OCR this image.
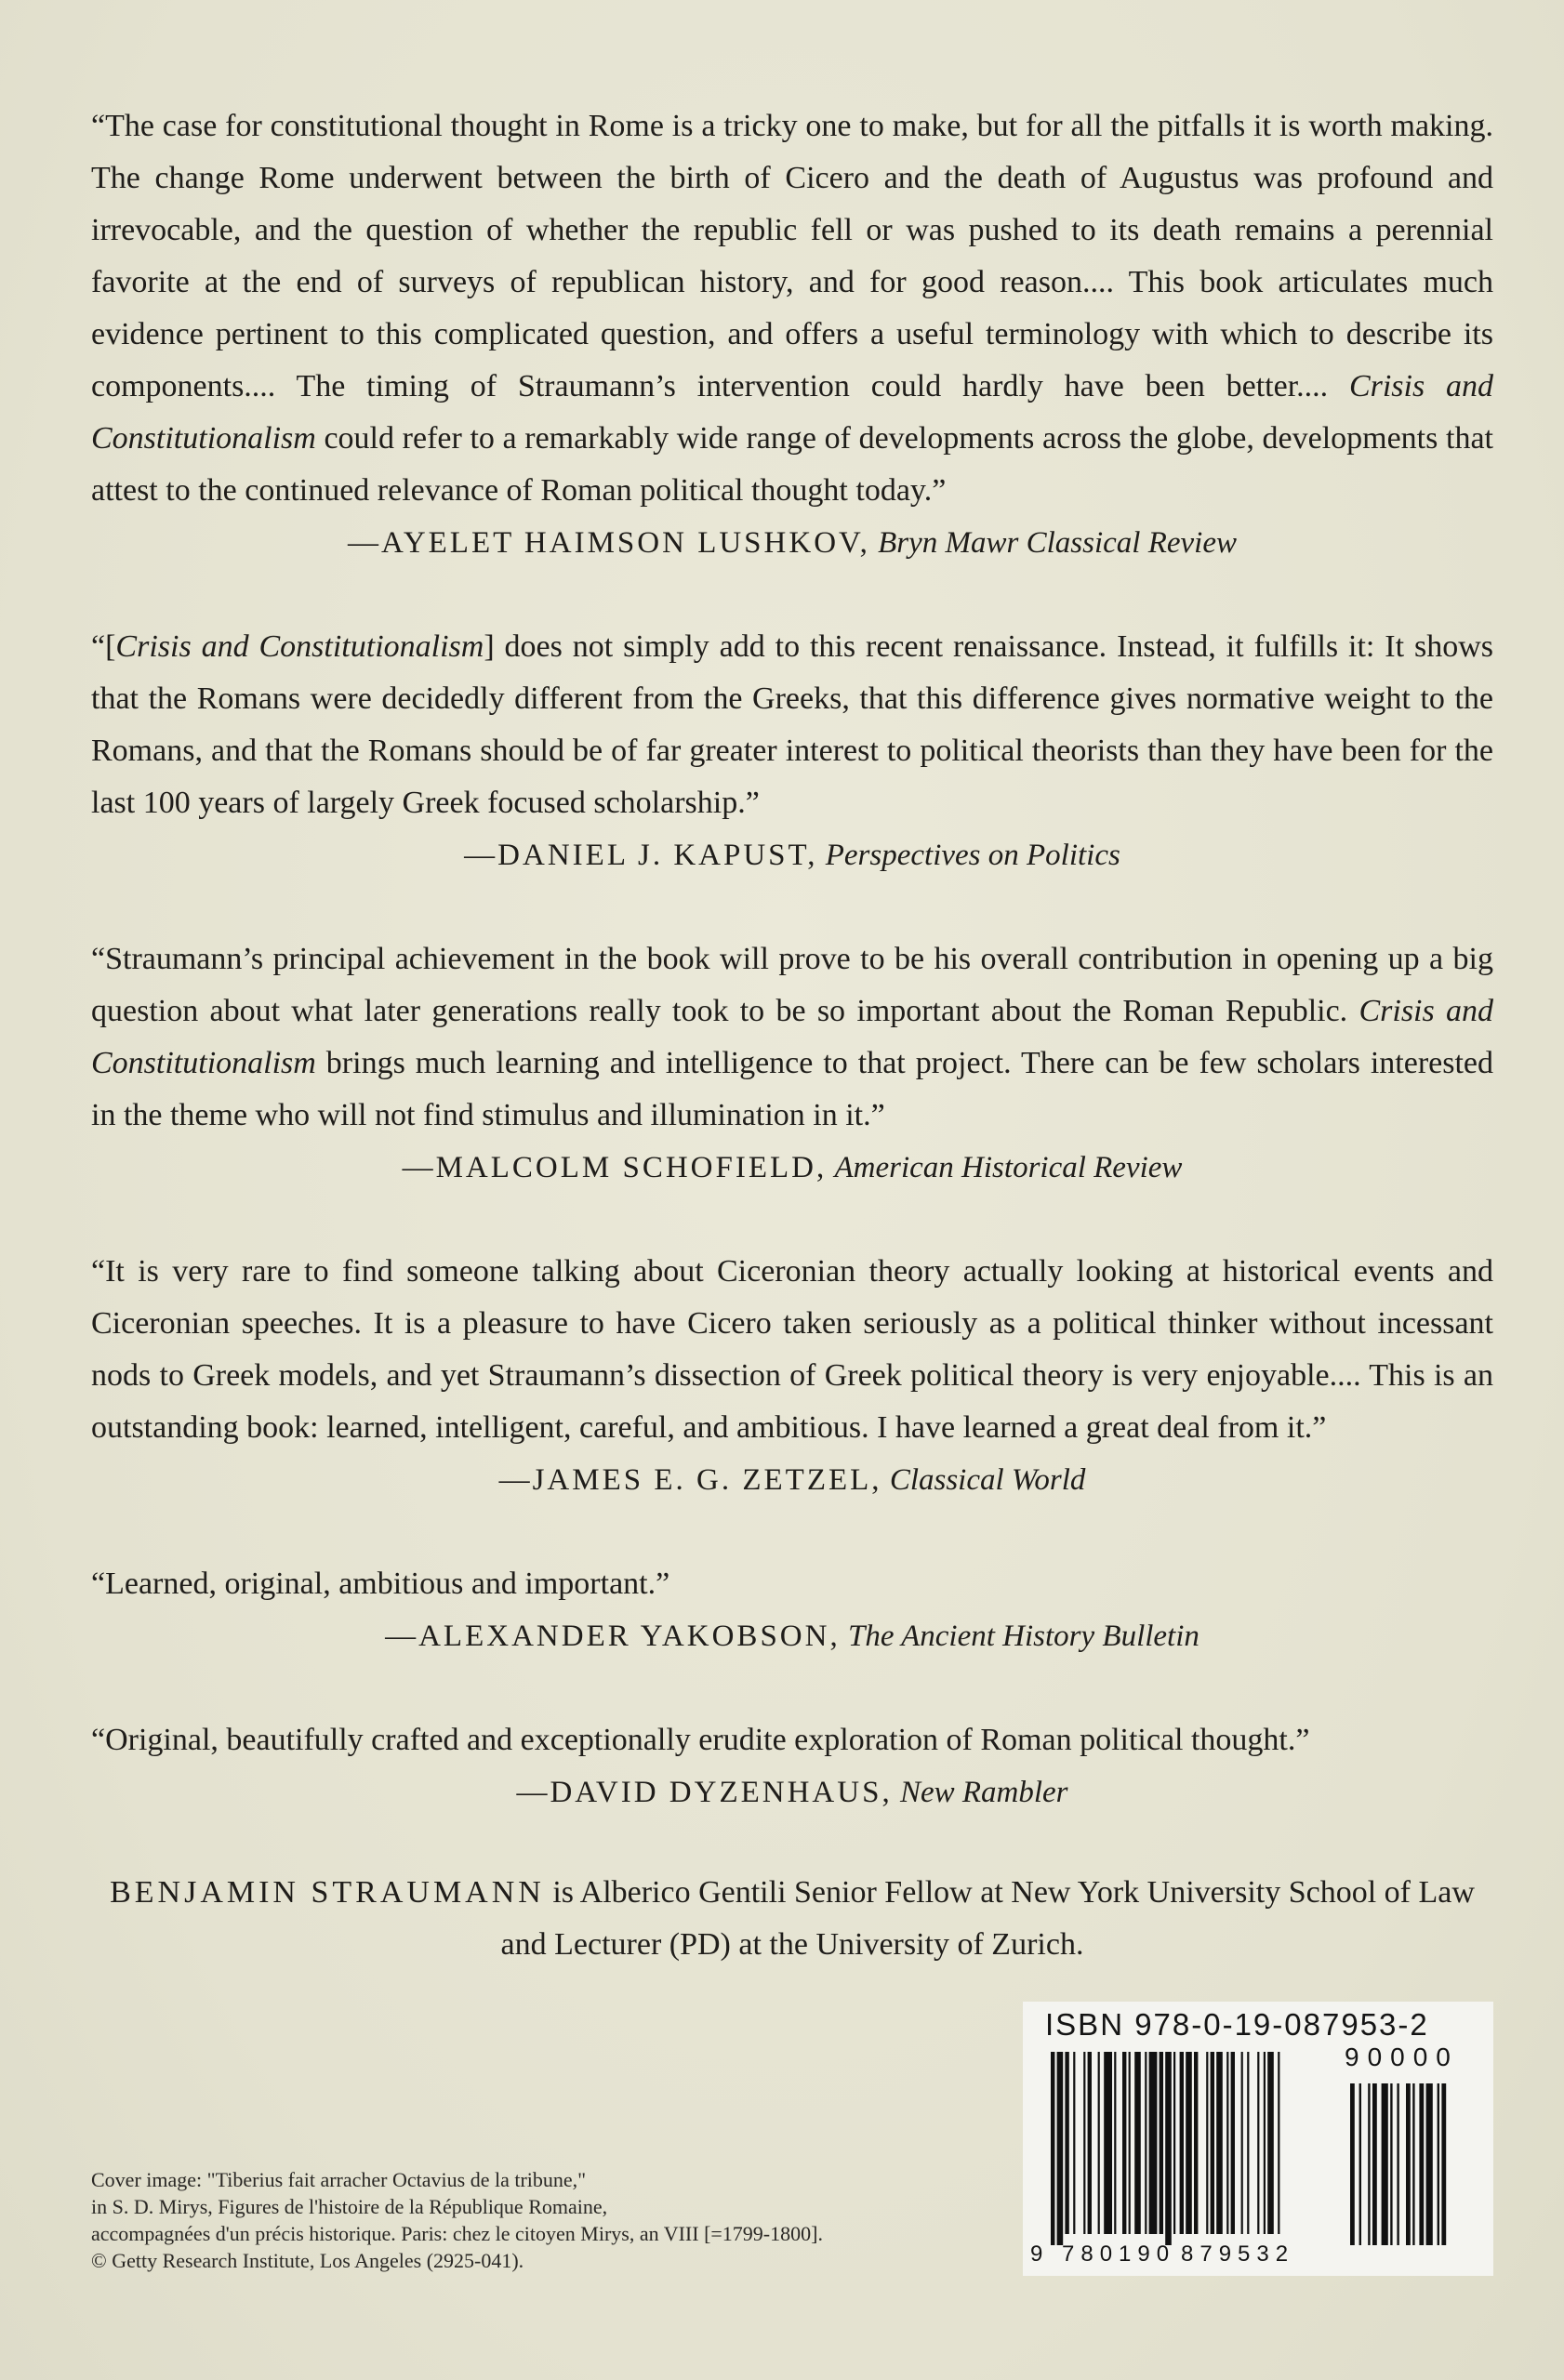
“The case for constitutional thought in Rome is a tricky one to make, but for all the pitfalls it is worth making. The change Rome underwent between the birth of Cicero and the death of Augustus was profound and irrevocable, and the question of whether the republic fell or was pushed to its death remains a perennial favorite at the end of surveys of republican history, and for good reason.... This book articulates much evidence pertinent to this complicated question, and offers a useful terminology with which to describe its components.... The timing of Straumann’s intervention could hardly have been better.... Crisis and Constitutionalism could refer to a remarkably wide range of developments across the globe, developments that attest to the continued relevance of Roman political thought today.”

—AYELET HAIMSON LUSHKOV, Bryn Mawr Classical Review

“[Crisis and Constitutionalism] does not simply add to this recent renaissance. Instead, it fulfills it: It shows that the Romans were decidedly different from the Greeks, that this difference gives normative weight to the Romans, and that the Romans should be of far greater interest to political theorists than they have been for the last 100 years of largely Greek focused scholarship.”

—DANIEL J. KAPUST, Perspectives on Politics

“Straumann’s principal achievement in the book will prove to be his overall contribution in opening up a big question about what later generations really took to be so important about the Roman Republic. Crisis and Constitutionalism brings much learning and intelligence to that project. There can be few scholars interested in the theme who will not find stimulus and illumination in it.”

—MALCOLM SCHOFIELD, American Historical Review

“It is very rare to find someone talking about Ciceronian theory actually looking at historical events and Ciceronian speeches. It is a pleasure to have Cicero taken seriously as a political thinker without incessant nods to Greek models, and yet Straumann’s dissection of Greek political theory is very enjoyable.... This is an outstanding book: learned, intelligent, careful, and ambitious. I have learned a great deal from it.”

—JAMES E. G. ZETZEL, Classical World

“Learned, original, ambitious and important.”

—ALEXANDER YAKOBSON, The Ancient History Bulletin

“Original, beautifully crafted and exceptionally erudite exploration of Roman political thought.”

—DAVID DYZENHAUS, New Rambler

BENJAMIN STRAUMANN is Alberico Gentili Senior Fellow at New York University School of Law and Lecturer (PD) at the University of Zurich.

Cover image: "Tiberius fait arracher Octavius de la tribune,"
in S. D. Mirys, Figures de l'histoire de la République Romaine,
accompagnées d'un précis historique. Paris: chez le citoyen Mirys, an VIII [=1799-1800].
© Getty Research Institute, Los Angeles (2925-041).
ISBN 978-0-19-087953-2
90000
9 780190 879532
